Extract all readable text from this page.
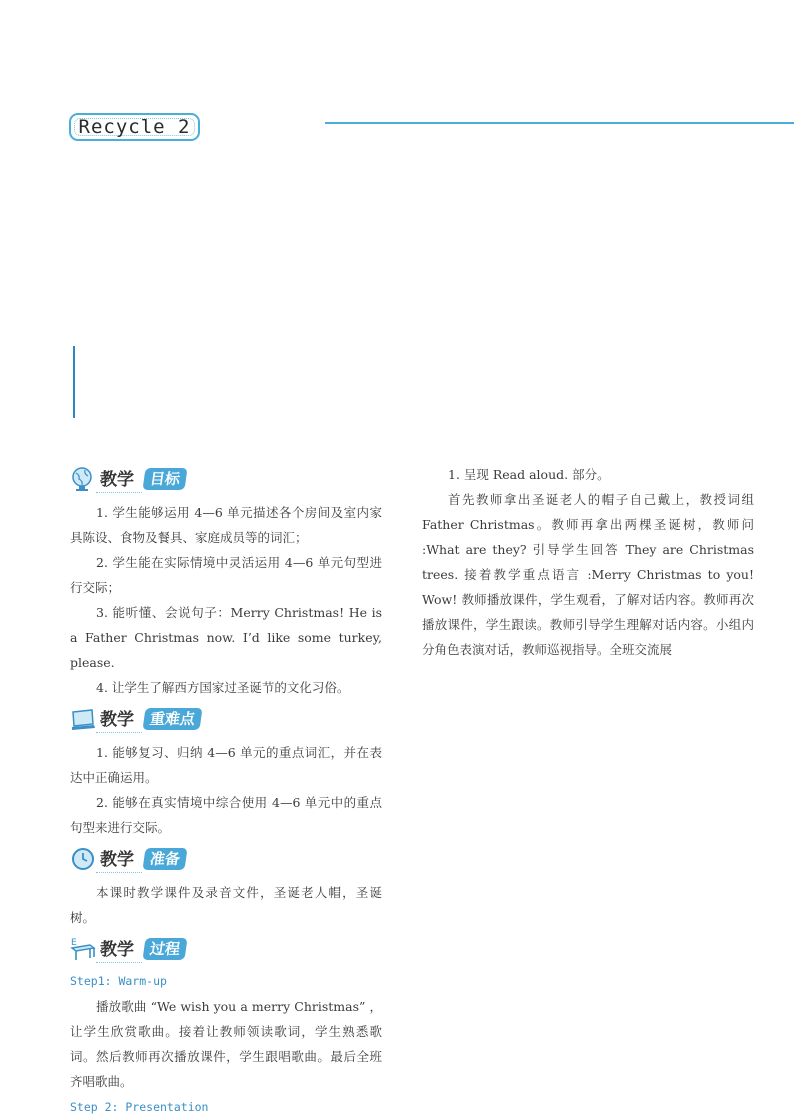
Recycle 2
教学 目标

1. 学生能够运用 4—6 单元描述各个房间及室内家具陈设、食物及餐具、家庭成员等的词汇；

2. 学生能在实际情境中灵活运用 4—6 单元句型进行交际；

3. 能听懂、会说句子：Merry Christmas! He is a Father Christmas now. I’d like some turkey, please.

4. 让学生了解西方国家过圣诞节的文化习俗。

教学 重难点

1. 能够复习、归纳 4—6 单元的重点词汇，并在表达中正确运用。

2. 能够在真实情境中综合使用 4—6 单元中的重点句型来进行交际。

教学 准备

本课时教学课件及录音文件，圣诞老人帽，圣诞树。

E 教学 过程
Step1: Warm-up

播放歌曲 “We wish you a merry Christmas” ，让学生欣赏歌曲。接着让教师领读歌词，学生熟悉歌词。然后教师再次播放课件，学生跟唱歌曲。最后全班齐唱歌曲。

Step 2: Presentation

1. 呈现 Read aloud. 部分。

首先教师拿出圣诞老人的帽子自己戴上，教授词组 Father Christmas。教师再拿出两棵圣诞树，教师问 :What are they? 引导学生回答 They are Christmas trees. 接着教学重点语言 :Merry Christmas to you! Wow! 教师播放课件，学生观看，了解对话内容。教师再次播放课件，学生跟读。教师引导学生理解对话内容。小组内分角色表演对话，教师巡视指导。全班交流展
